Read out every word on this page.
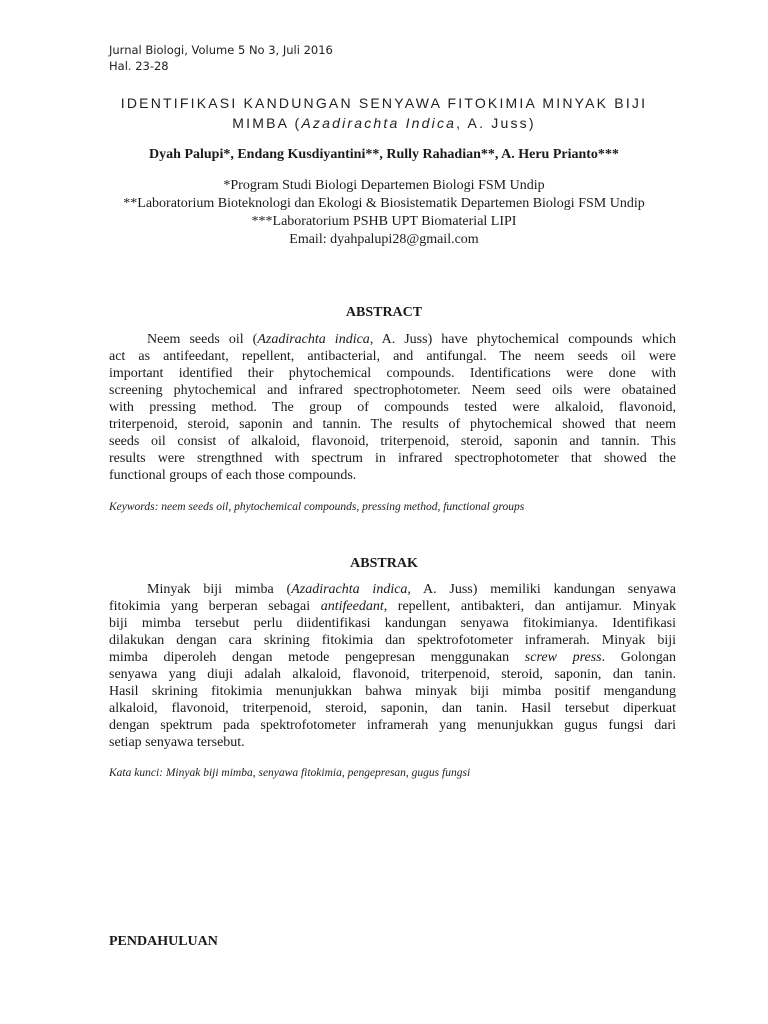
Jurnal Biologi, Volume 5 No 3, Juli 2016
Hal. 23-28
IDENTIFIKASI KANDUNGAN SENYAWA FITOKIMIA MINYAK BIJI
MIMBA (Azadirachta Indica, A. Juss)
Dyah Palupi*, Endang Kusdiyantini**, Rully Rahadian**, A. Heru Prianto***
*Program Studi Biologi Departemen Biologi FSM Undip
**Laboratorium Bioteknologi dan Ekologi & Biosistematik Departemen Biologi FSM Undip
***Laboratorium PSHB UPT Biomaterial LIPI
Email: dyahpalupi28@gmail.com
ABSTRACT
Neem seeds oil (Azadirachta indica, A. Juss) have phytochemical compounds which
act as antifeedant, repellent, antibacterial, and antifungal. The neem seeds oil were
important identified their phytochemical compounds. Identifications were done with
screening phytochemical and infrared spectrophotometer. Neem seed oils were obatained
with pressing method. The group of compounds tested were alkaloid, flavonoid,
triterpenoid, steroid, saponin and tannin. The results of phytochemical showed that neem
seeds oil consist of alkaloid, flavonoid, triterpenoid, steroid, saponin and tannin. This
results were strengthned with spectrum in infrared spectrophotometer that showed the
functional groups of each those compounds.
Keywords: neem seeds oil, phytochemical compounds, pressing method, functional groups
ABSTRAK
Minyak biji mimba (Azadirachta indica, A. Juss) memiliki kandungan senyawa
fitokimia yang berperan sebagai antifeedant, repellent, antibakteri, dan antijamur. Minyak
biji mimba tersebut perlu diidentifikasi kandungan senyawa fitokimianya. Identifikasi
dilakukan dengan cara skrining fitokimia dan spektrofotometer inframerah. Minyak biji
mimba diperoleh dengan metode pengepresan menggunakan screw press. Golongan
senyawa yang diuji adalah alkaloid, flavonoid, triterpenoid, steroid, saponin, dan tanin.
Hasil skrining fitokimia menunjukkan bahwa minyak biji mimba positif mengandung
alkaloid, flavonoid, triterpenoid, steroid, saponin, dan tanin. Hasil tersebut diperkuat
dengan spektrum pada spektrofotometer inframerah yang menunjukkan gugus fungsi dari
setiap senyawa tersebut.
Kata kunci: Minyak biji mimba, senyawa fitokimia, pengepresan, gugus fungsi
PENDAHULUAN
